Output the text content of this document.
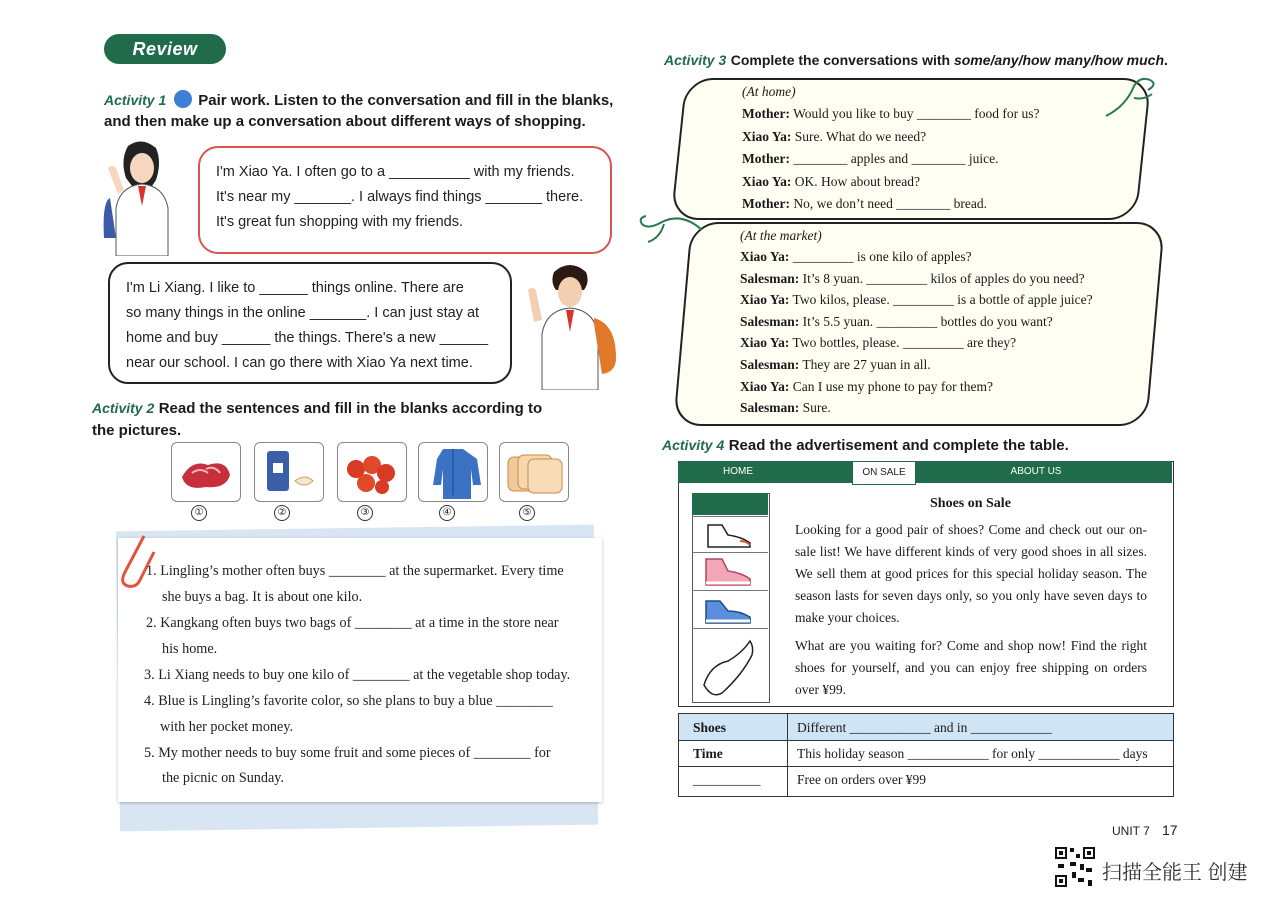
Review
Activity 1 Pair work. Listen to the conversation and fill in the blanks,
and then make up a conversation about different ways of shopping.
I'm Xiao Ya. I often go to a __________ with my friends.
It's near my _______. I always find things _______ there.
It's great fun shopping with my friends.
I'm Li Xiang. I like to ______ things online. There are
so many things in the online _______. I can just stay at
home and buy ______ the things. There's a new ______
near our school. I can go there with Xiao Ya next time.
Activity 2 Read the sentences and fill in the blanks according to
the pictures.
①	②	③	④	⑤
1. Lingling’s mother often buys ________ at the supermarket. Every time
she buys a bag. It is about one kilo.
2. Kangkang often buys two bags of ________ at a time in the store near
his home.
3. Li Xiang needs to buy one kilo of ________ at the vegetable shop today.
4. Blue is Lingling’s favorite color, so she plans to buy a blue ________
with her pocket money.
5. My mother needs to buy some fruit and some pieces of ________ for
the picnic on Sunday.
Activity 3 Complete the conversations with some/any/how many/how much.
(At home)
Mother: Would you like to buy ________ food for us?
Xiao Ya: Sure. What do we need?
Mother: ________ apples and ________ juice.
Xiao Ya: OK. How about bread?
Mother: No, we don’t need ________ bread.
(At the market)
Xiao Ya: _________ is one kilo of apples?
Salesman: It’s 8 yuan. _________ kilos of apples do you need?
Xiao Ya: Two kilos, please. _________ is a bottle of apple juice?
Salesman: It’s 5.5 yuan. _________ bottles do you want?
Xiao Ya: Two bottles, please. _________ are they?
Salesman: They are 27 yuan in all.
Xiao Ya: Can I use my phone to pay for them?
Salesman: Sure.
Activity 4 Read the advertisement and complete the table.
HOME	ON SALE	ABOUT US
Shoes on Sale
Looking for a good pair of shoes? Come and check out our on-sale list! We have different kinds of very good shoes in all sizes. We sell them at good prices for this special holiday season. The season lasts for seven days only, so you only have seven days to make your choices.
What are you waiting for? Come and shop now! Find the right shoes for yourself, and you can enjoy free shipping on orders over ¥99.
Shoes	Different ____________ and in ____________
Time	This holiday season ____________ for only ____________ days
__________	Free on orders over ¥99
UNIT 7 17
扫描全能王 创建
